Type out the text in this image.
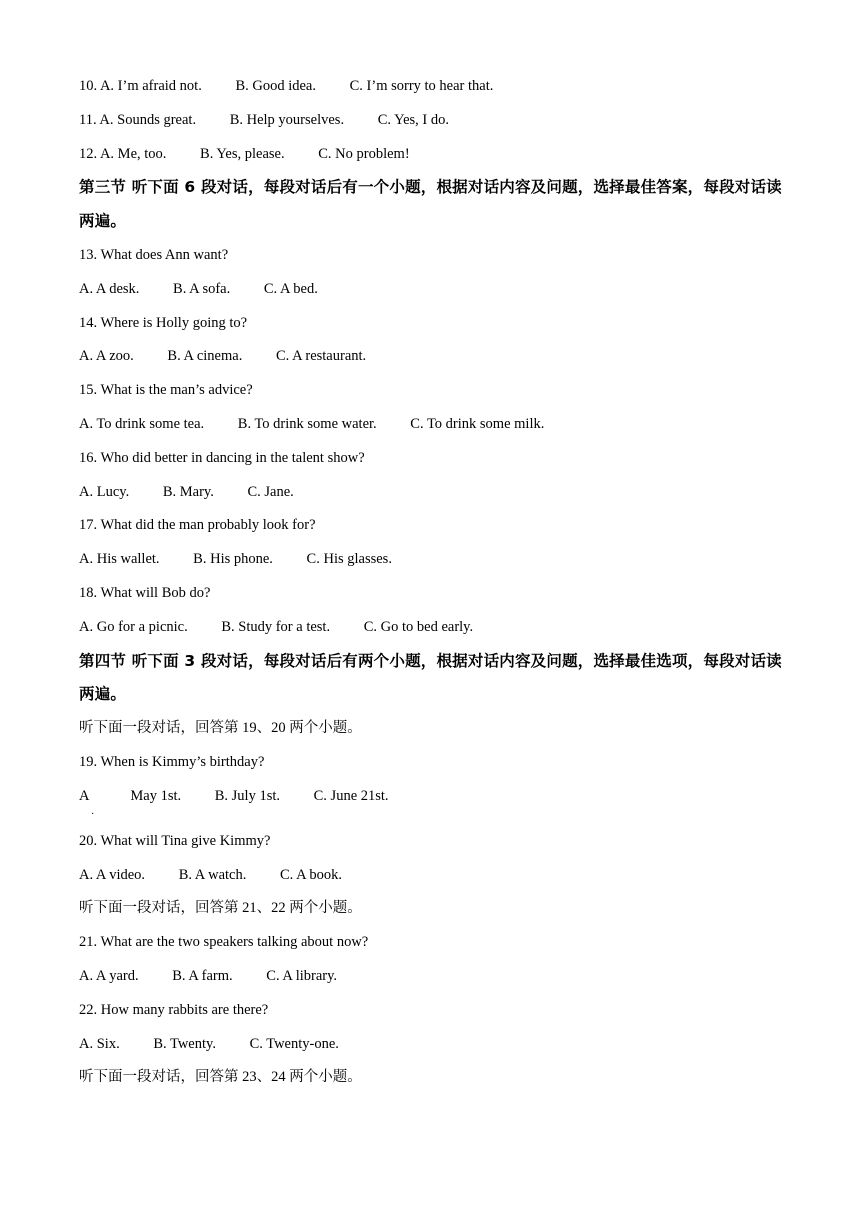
10. A. I’m afraid not. B. Good idea. C. I’m sorry to hear that.
11. A. Sounds great. B. Help yourselves. C. Yes, I do.
12. A. Me, too. B. Yes, please. C. No problem!
第三节 听下面 6 段对话，每段对话后有一个小题，根据对话内容及问题，选择最佳答案，每段对话读两遍。
13. What does Ann want?
A. A desk. B. A sofa. C. A bed.
14. Where is Holly going to?
A. A zoo. B. A cinema. C. A restaurant.
15. What is the man’s advice?
A. To drink some tea. B. To drink some water. C. To drink some milk.
16. Who did better in dancing in the talent show?
A. Lucy. B. Mary. C. Jane.
17. What did the man probably look for?
A. His wallet. B. His phone. C. His glasses.
18. What will Bob do?
A. Go for a picnic. B. Study for a test. C. Go to bed early.
第四节 听下面 3 段对话，每段对话后有两个小题，根据对话内容及问题，选择最佳选项，每段对话读两遍。
听下面一段对话，回答第 19、20 两个小题。
19. When is Kimmy’s birthday?
A
·
May 1st. B. July 1st. C. June 21st.
20. What will Tina give Kimmy?
A. A video. B. A watch. C. A book.
听下面一段对话，回答第 21、22 两个小题。
21. What are the two speakers talking about now?
A. A yard. B. A farm. C. A library.
22. How many rabbits are there?
A. Six. B. Twenty. C. Twenty-one.
听下面一段对话，回答第 23、24 两个小题。
